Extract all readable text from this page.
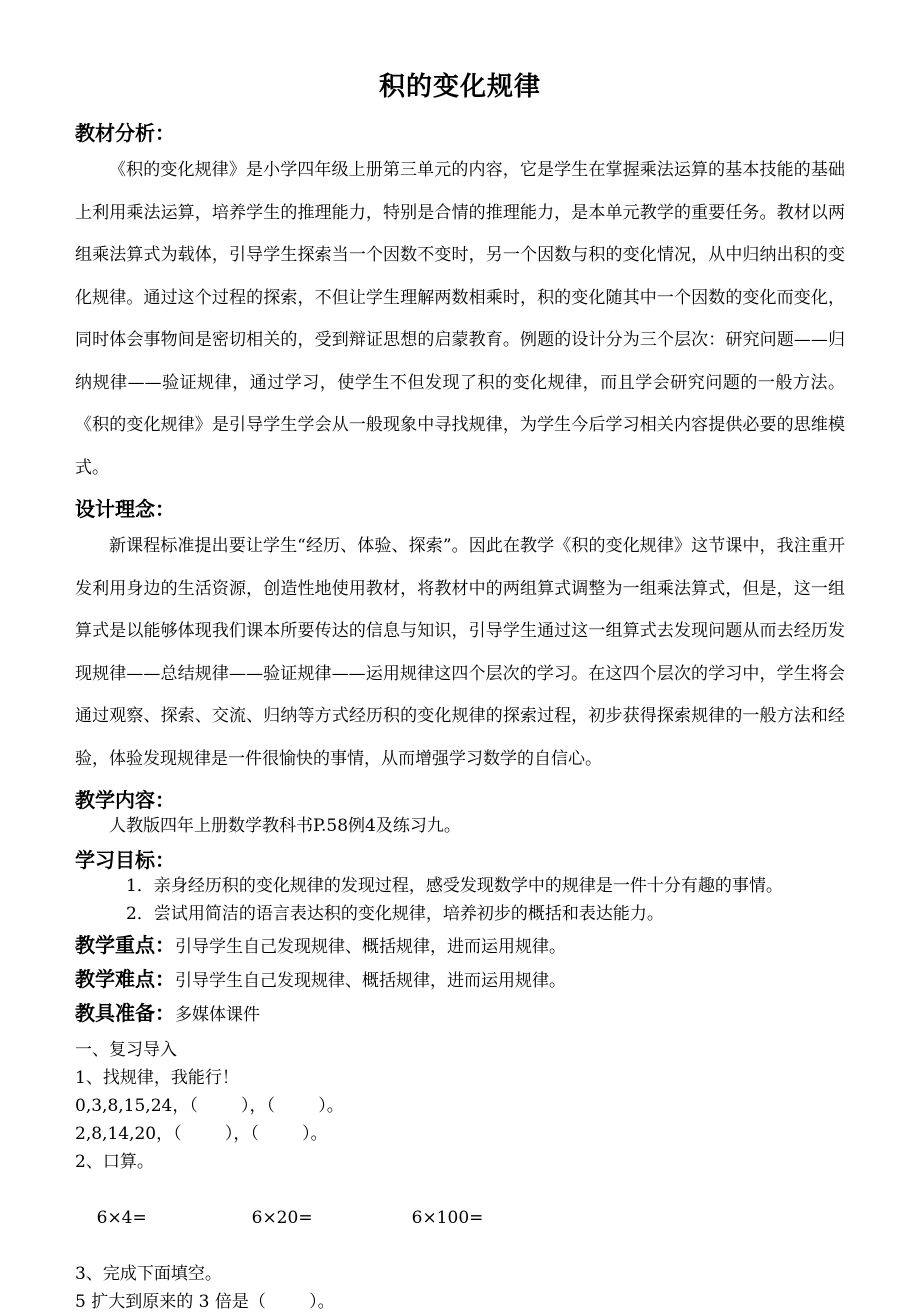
积的变化规律
教材分析：

《积的变化规律》是小学四年级上册第三单元的内容，它是学生在掌握乘法运算的基本技能的基础上利用乘法运算，培养学生的推理能力，特别是合情的推理能力，是本单元教学的重要任务。教材以两组乘法算式为载体，引导学生探索当一个因数不变时，另一个因数与积的变化情况，从中归纳出积的变化规律。通过这个过程的探索，不但让学生理解两数相乘时，积的变化随其中一个因数的变化而变化，同时体会事物间是密切相关的，受到辩证思想的启蒙教育。例题的设计分为三个层次：研究问题——归纳规律——验证规律，通过学习，使学生不但发现了积的变化规律，而且学会研究问题的一般方法。《积的变化规律》是引导学生学会从一般现象中寻找规律，为学生今后学习相关内容提供必要的思维模式。

设计理念：

新课程标准提出要让学生“经历、体验、探索”。因此在教学《积的变化规律》这节课中，我注重开发利用身边的生活资源，创造性地使用教材，将教材中的两组算式调整为一组乘法算式，但是，这一组算式是以能够体现我们课本所要传达的信息与知识，引导学生通过这一组算式去发现问题从而去经历发现规律——总结规律——验证规律——运用规律这四个层次的学习。在这四个层次的学习中，学生将会通过观察、探索、交流、归纳等方式经历积的变化规律的探索过程，初步获得探索规律的一般方法和经验，体验发现规律是一件很愉快的事情，从而增强学习数学的自信心。

教学内容：

人教版四年上册数学教科书P.58例4及练习九。

学习目标：

1．亲身经历积的变化规律的发现过程，感受发现数学中的规律是一件十分有趣的事情。

2．尝试用简洁的语言表达积的变化规律，培养初步的概括和表达能力。

教学重点：引导学生自己发现规律、概括规律，进而运用规律。

教学难点：引导学生自己发现规律、概括规律，进而运用规律。

教具准备：多媒体课件

一、复习导入

1、找规律，我能行！

0,3,8,15,24，（        ），（        ）。

2,8,14,20，（        ），（        ）。

2、口算。

6×4=	6×20=	6×100=

3、完成下面填空。

5 扩大到原来的 3 倍是（        ）。
